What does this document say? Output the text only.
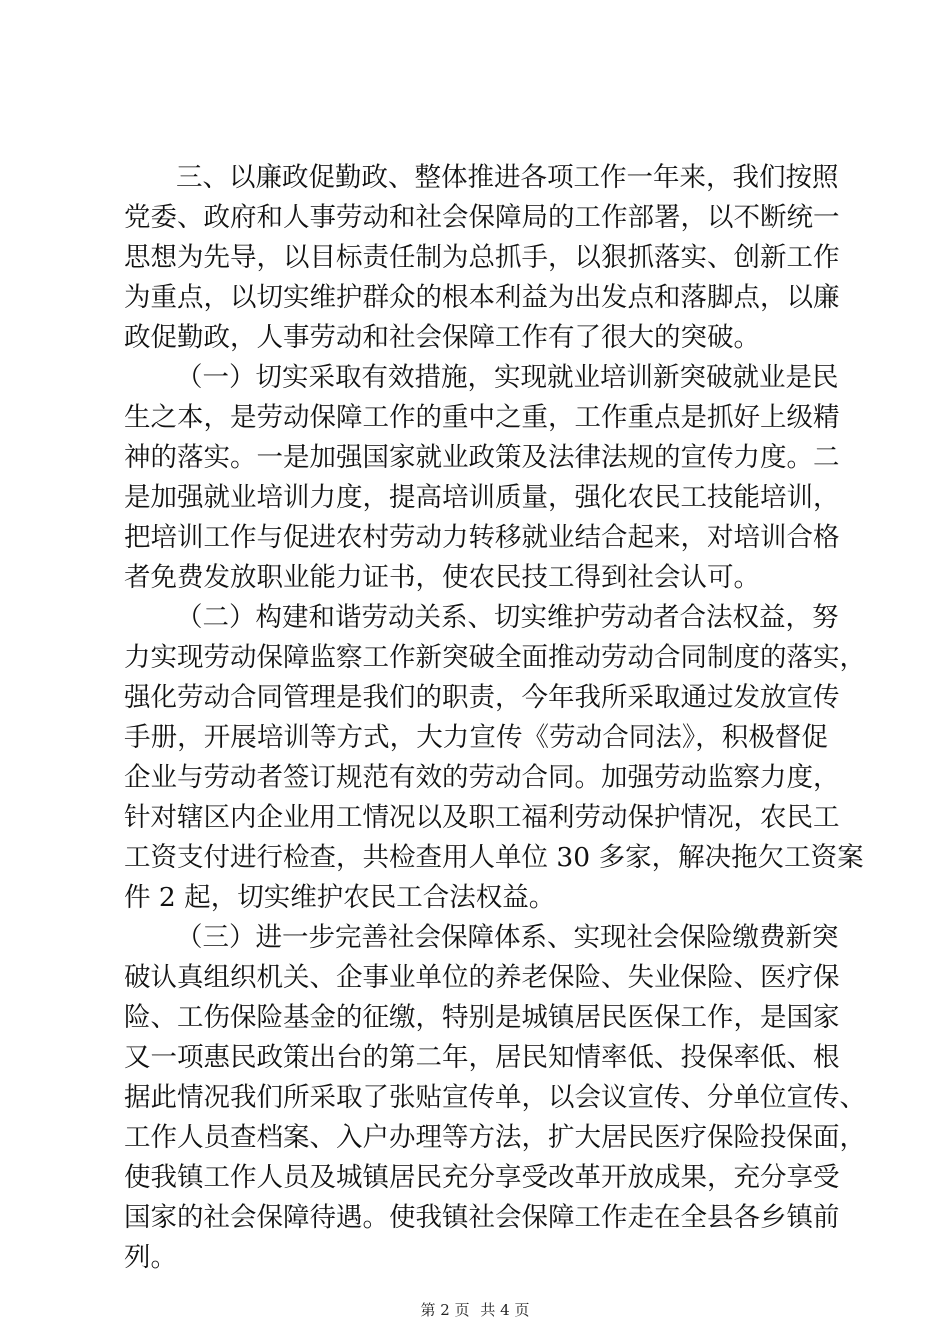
三、以廉政促勤政、整体推进各项工作一年来，我们按照
党委、政府和人事劳动和社会保障局的工作部署，以不断统一
思想为先导，以目标责任制为总抓手，以狠抓落实、创新工作
为重点，以切实维护群众的根本利益为出发点和落脚点，以廉
政促勤政，人事劳动和社会保障工作有了很大的突破。
（一）切实采取有效措施，实现就业培训新突破就业是民
生之本，是劳动保障工作的重中之重，工作重点是抓好上级精
神的落实。一是加强国家就业政策及法律法规的宣传力度。二
是加强就业培训力度，提高培训质量，强化农民工技能培训，
把培训工作与促进农村劳动力转移就业结合起来，对培训合格
者免费发放职业能力证书，使农民技工得到社会认可。
（二）构建和谐劳动关系、切实维护劳动者合法权益，努
力实现劳动保障监察工作新突破全面推动劳动合同制度的落实，
强化劳动合同管理是我们的职责，今年我所采取通过发放宣传
手册，开展培训等方式，大力宣传《劳动合同法》，积极督促
企业与劳动者签订规范有效的劳动合同。加强劳动监察力度，
针对辖区内企业用工情况以及职工福利劳动保护情况，农民工
工资支付进行检查，共检查用人单位 30 多家，解决拖欠工资案
件 2 起，切实维护农民工合法权益。
（三）进一步完善社会保障体系、实现社会保险缴费新突
破认真组织机关、企事业单位的养老保险、失业保险、医疗保
险、工伤保险基金的征缴，特别是城镇居民医保工作，是国家
又一项惠民政策出台的第二年，居民知情率低、投保率低、根
据此情况我们所采取了张贴宣传单，以会议宣传、分单位宣传、
工作人员查档案、入户办理等方法，扩大居民医疗保险投保面，
使我镇工作人员及城镇居民充分享受改革开放成果，充分享受
国家的社会保障待遇。使我镇社会保障工作走在全县各乡镇前
列。
第 2 页 共 4 页
